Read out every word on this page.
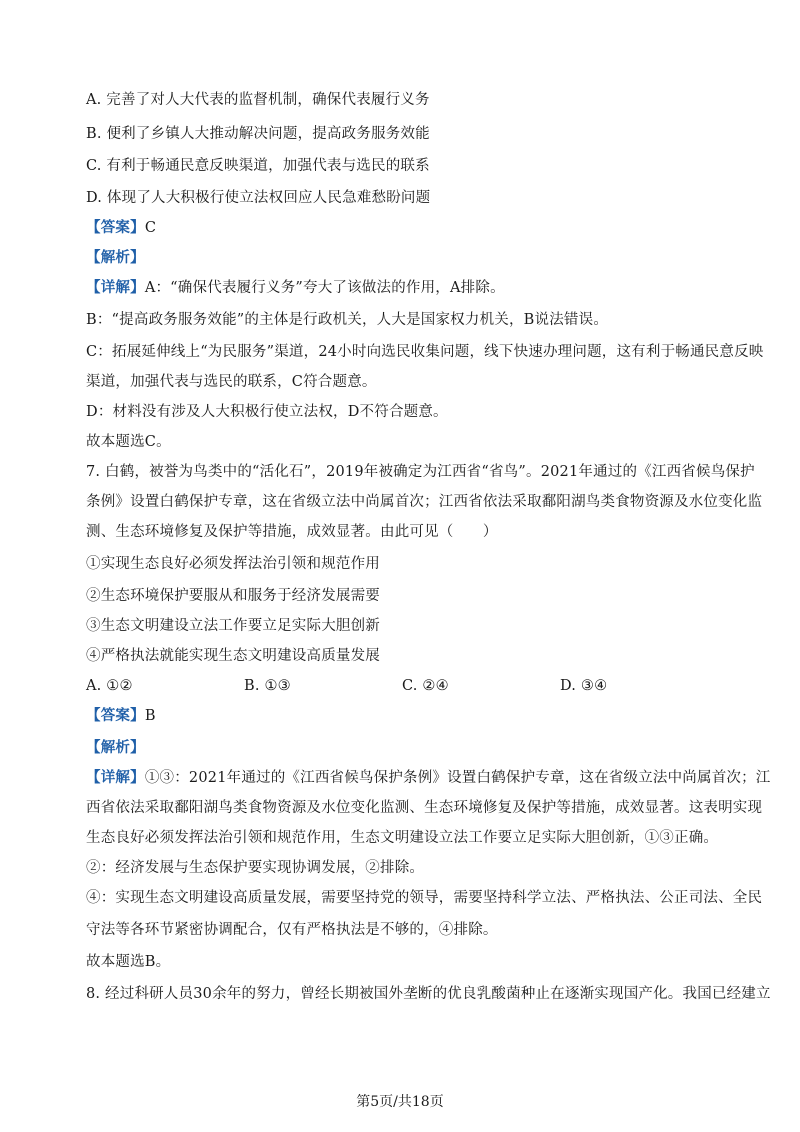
A. 完善了对人大代表的监督机制，确保代表履行义务
B. 便利了乡镇人大推动解决问题，提高政务服务效能
C. 有利于畅通民意反映渠道，加强代表与选民的联系
D. 体现了人大积极行使立法权回应人民急难愁盼问题
【答案】C
【解析】
【详解】A：“确保代表履行义务”夸大了该做法的作用，A排除。
B：“提高政务服务效能”的主体是行政机关，人大是国家权力机关，B说法错误。
C：拓展延伸线上“为民服务”渠道，24小时向选民收集问题，线下快速办理问题，这有利于畅通民意反映
渠道，加强代表与选民的联系，C符合题意。
D：材料没有涉及人大积极行使立法权，D不符合题意。
故本题选C。
7. 白鹤，被誉为鸟类中的“活化石”，2019年被确定为江西省“省鸟”。2021年通过的《江西省候鸟保护
条例》设置白鹤保护专章，这在省级立法中尚属首次；江西省依法采取鄱阳湖鸟类食物资源及水位变化监
测、生态环境修复及保护等措施，成效显著。由此可见（　　）
①实现生态良好必须发挥法治引领和规范作用
②生态环境保护要服从和服务于经济发展需要
③生态文明建设立法工作要立足实际大胆创新
④严格执法就能实现生态文明建设高质量发展
A. ①②	B. ①③	C. ②④	D. ③④
【答案】B
【解析】
【详解】①③：2021年通过的《江西省候鸟保护条例》设置白鹤保护专章，这在省级立法中尚属首次；江
西省依法采取鄱阳湖鸟类食物资源及水位变化监测、生态环境修复及保护等措施，成效显著。这表明实现
生态良好必须发挥法治引领和规范作用，生态文明建设立法工作要立足实际大胆创新，①③正确。
②：经济发展与生态保护要实现协调发展，②排除。
④：实现生态文明建设高质量发展，需要坚持党的领导，需要坚持科学立法、严格执法、公正司法、全民
守法等各环节紧密协调配合，仅有严格执法是不够的，④排除。
故本题选B。
8. 经过科研人员30余年的努力，曾经长期被国外垄断的优良乳酸菌种止在逐渐实现国产化。我国已经建立
第5页/共18页
